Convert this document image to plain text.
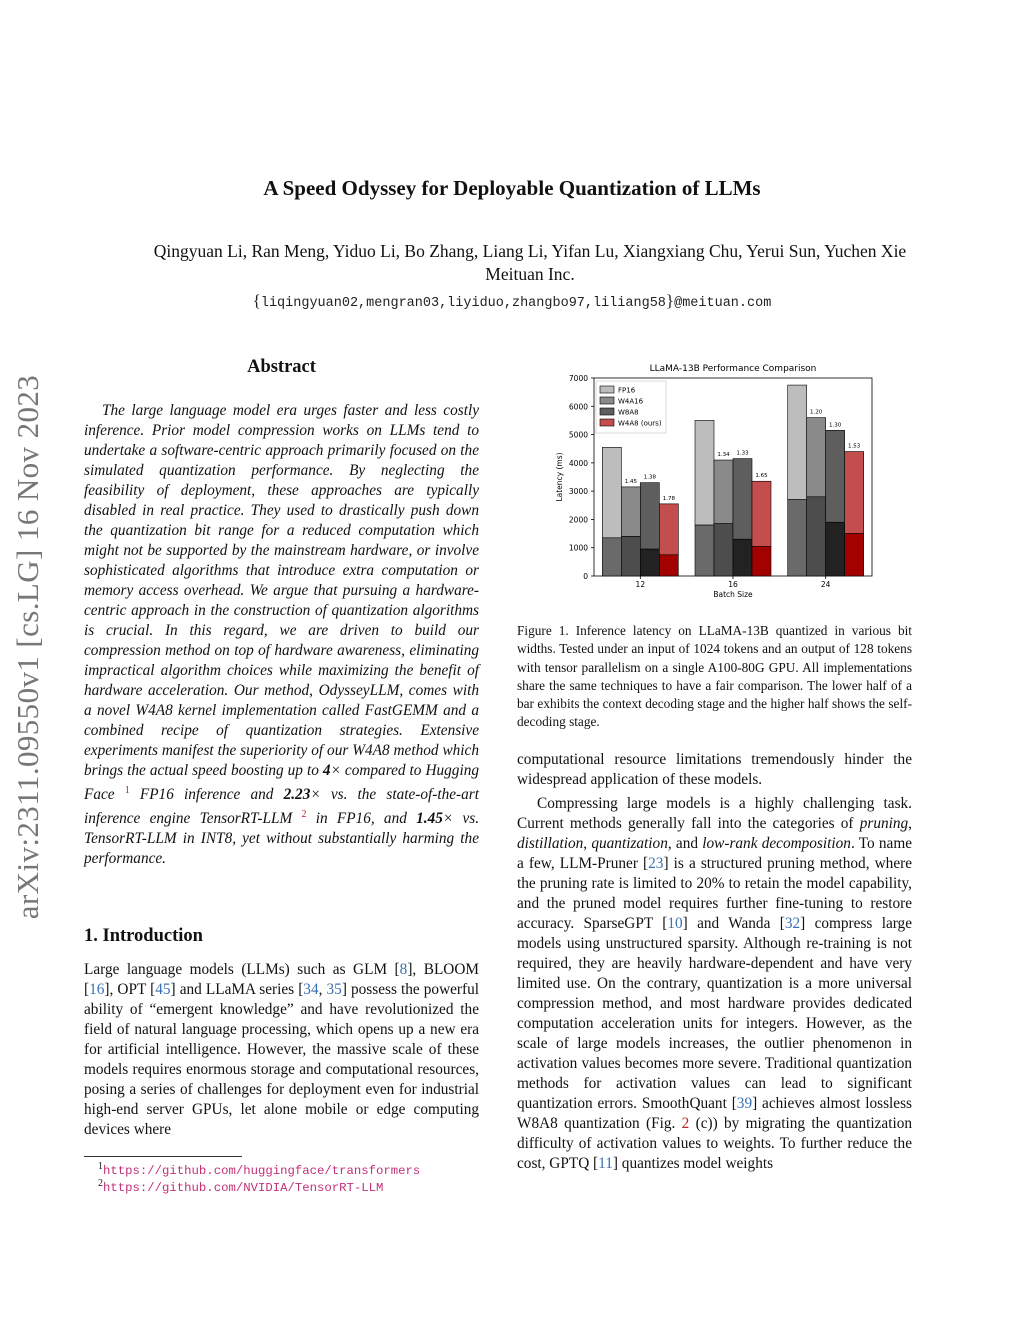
arXiv:2311.09550v1 [cs.LG] 16 Nov 2023
A Speed Odyssey for Deployable Quantization of LLMs
Qingyuan Li, Ran Meng, Yiduo Li, Bo Zhang, Liang Li, Yifan Lu, Xiangxiang Chu, Yerui Sun, Yuchen Xie
Meituan Inc.
{liqingyuan02,mengran03,liyiduo,zhangbo97,liliang58}@meituan.com
Abstract
The large language model era urges faster and less costly inference. Prior model compression works on LLMs tend to undertake a software-centric approach primarily focused on the simulated quantization performance. By neglecting the feasibility of deployment, these approaches are typically disabled in real practice. They used to drastically push down the quantization bit range for a reduced computation which might not be supported by the mainstream hardware, or involve sophisticated algorithms that introduce extra computation or memory access overhead. We argue that pursuing a hardware-centric approach in the construction of quantization algorithms is crucial. In this regard, we are driven to build our compression method on top of hardware awareness, eliminating impractical algorithm choices while maximizing the benefit of hardware acceleration. Our method, OdysseyLLM, comes with a novel W4A8 kernel implementation called FastGEMM and a combined recipe of quantization strategies. Extensive experiments manifest the superiority of our W4A8 method which brings the actual speed boosting up to 4× compared to Hugging Face $^1$ FP16 inference and 2.23× vs. the state-of-the-art inference engine TensorRT-LLM $^2$ in FP16, and 1.45× vs. TensorRT-LLM in INT8, yet without substantially harming the performance.
1. Introduction
Large language models (LLMs) such as GLM [8], BLOOM [16], OPT [45] and LLaMA series [34, 35] possess the powerful ability of “emergent knowledge” and have revolutionized the field of natural language processing, which opens up a new era for artificial intelligence. However, the massive scale of these models requires enormous storage and computational resources, posing a series of challenges for deployment even for industrial high-end server GPUs, let alone mobile or edge computing devices where
$^1$https://github.com/huggingface/transformers
$^2$https://github.com/NVIDIA/TensorRT-LLM
LLaMA-13B Performance Comparison
0
1000
2000
3000
4000
5000
6000
7000
Latency (ms)
Batch Size
12
1.45
1.38
1.78
16
1.34 1.33
1.65
24
1.20
1.30
1.53
FP16
W4A16
W8A8
W4A8 (ours)
Figure 1. Inference latency on LLaMA-13B quantized in various bit widths. Tested under an input of 1024 tokens and an output of 128 tokens with tensor parallelism on a single A100-80G GPU. All implementations share the same techniques to have a fair comparison. The lower half of a bar exhibits the context decoding stage and the higher half shows the self-decoding stage.
computational resource limitations tremendously hinder the widespread application of these models.
Compressing large models is a highly challenging task. Current methods generally fall into the categories of pruning, distillation, quantization, and low-rank decomposition. To name a few, LLM-Pruner [23] is a structured pruning method, where the pruning rate is limited to 20% to retain the model capability, and the pruned model requires further fine-tuning to restore accuracy. SparseGPT [10] and Wanda [32] compress large models using unstructured sparsity. Although re-training is not required, they are heavily hardware-dependent and have very limited use. On the contrary, quantization is a more universal compression method, and most hardware provides dedicated computation acceleration units for integers. However, as the scale of large models increases, the outlier phenomenon in activation values becomes more severe. Traditional quantization methods for activation values can lead to significant quantization errors. SmoothQuant [39] achieves almost lossless W8A8 quantization (Fig. 2 (c)) by migrating the quantization difficulty of activation values to weights. To further reduce the cost, GPTQ [11] quantizes model weights
